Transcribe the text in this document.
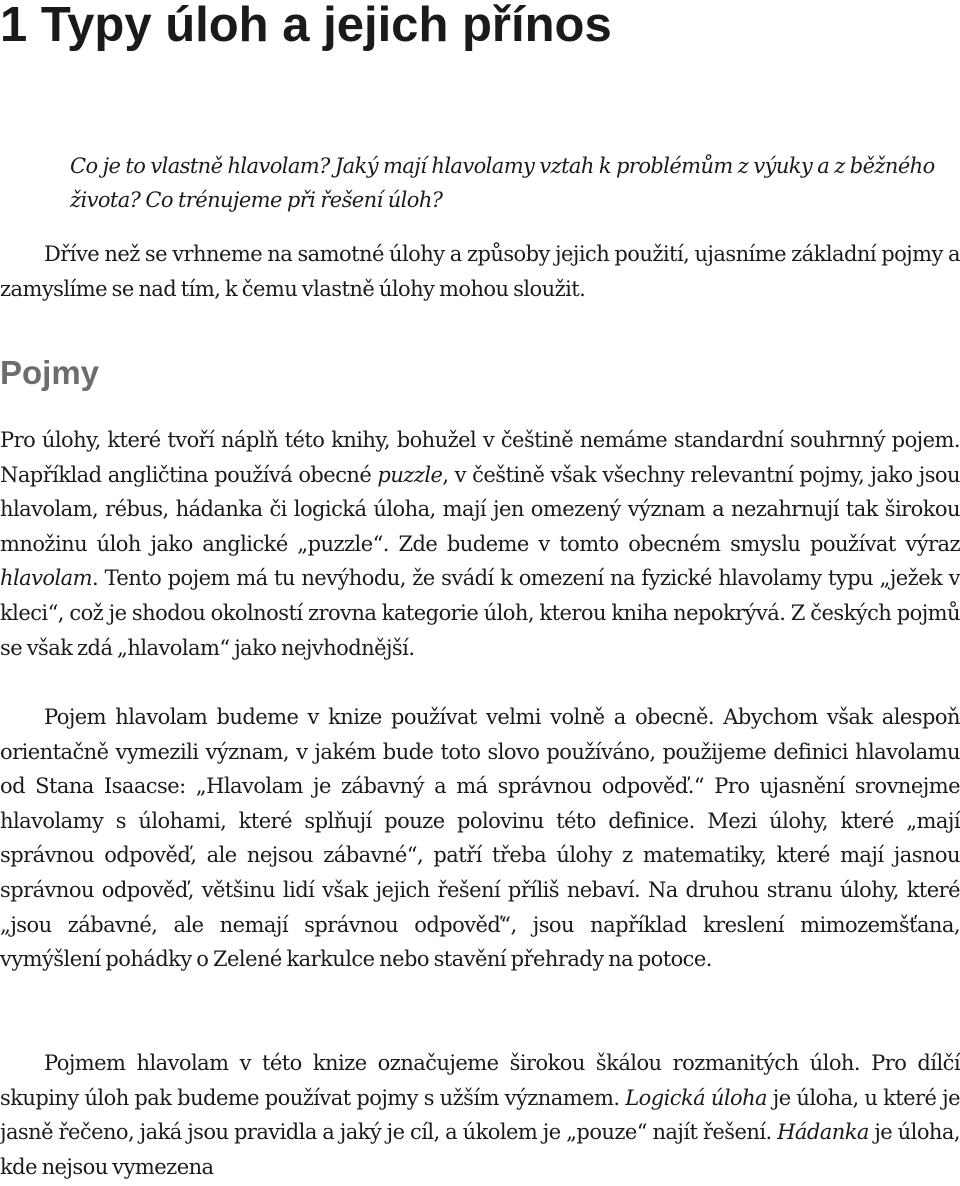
1 Typy úloh a jejich přínos

Co je to vlastně hlavolam? Jaký mají hlavolamy vztah k problémům z výuky a z běžného života? Co trénujeme při řešení úloh?

Dříve než se vrhneme na samotné úlohy a způsoby jejich použití, ujasníme základní pojmy a zamyslíme se nad tím, k čemu vlastně úlohy mohou sloužit.

Pojmy

Pro úlohy, které tvoří náplň této knihy, bohužel v češtině nemáme standardní souhrnný pojem. Například angličtina používá obecné puzzle, v češtině však všechny relevantní pojmy, jako jsou hlavolam, rébus, hádanka či logická úloha, mají jen omezený význam a nezahrnují tak širokou množinu úloh jako anglické „puzzle“. Zde budeme v tomto obecném smyslu používat výraz hlavolam. Tento pojem má tu nevýhodu, že svádí k omezení na fyzické hlavolamy typu „ježek v kleci“, což je shodou okolností zrovna kategorie úloh, kterou kniha nepokrývá. Z českých pojmů se však zdá „hlavolam“ jako nejvhodnější.

Pojem hlavolam budeme v knize používat velmi volně a obecně. Abychom však alespoň orientačně vymezili význam, v jakém bude toto slovo používáno, použijeme definici hlavolamu od Stana Isaacse: „Hlavolam je zábavný a má správnou odpověď.“ Pro ujasnění srovnejme hlavolamy s úlohami, které splňují pouze polovinu této definice. Mezi úlohy, které „mají správnou odpověď, ale nejsou zábavné“, patří třeba úlohy z matematiky, které mají jasnou správnou odpověď, většinu lidí však jejich řešení příliš nebaví. Na druhou stranu úlohy, které „jsou zábavné, ale nemají správnou odpověď“, jsou například kreslení mimozemšťana, vymýšlení pohádky o Zelené karkulce nebo stavění přehrady na potoce.

Pojmem hlavolam v této knize označujeme širokou škálou rozmanitých úloh. Pro dílčí skupiny úloh pak budeme používat pojmy s užším významem. Logická úloha je úloha, u které je jasně řečeno, jaká jsou pravidla a jaký je cíl, a úkolem je „pouze“ najít řešení. Hádanka je úloha, kde nejsou vymezena
